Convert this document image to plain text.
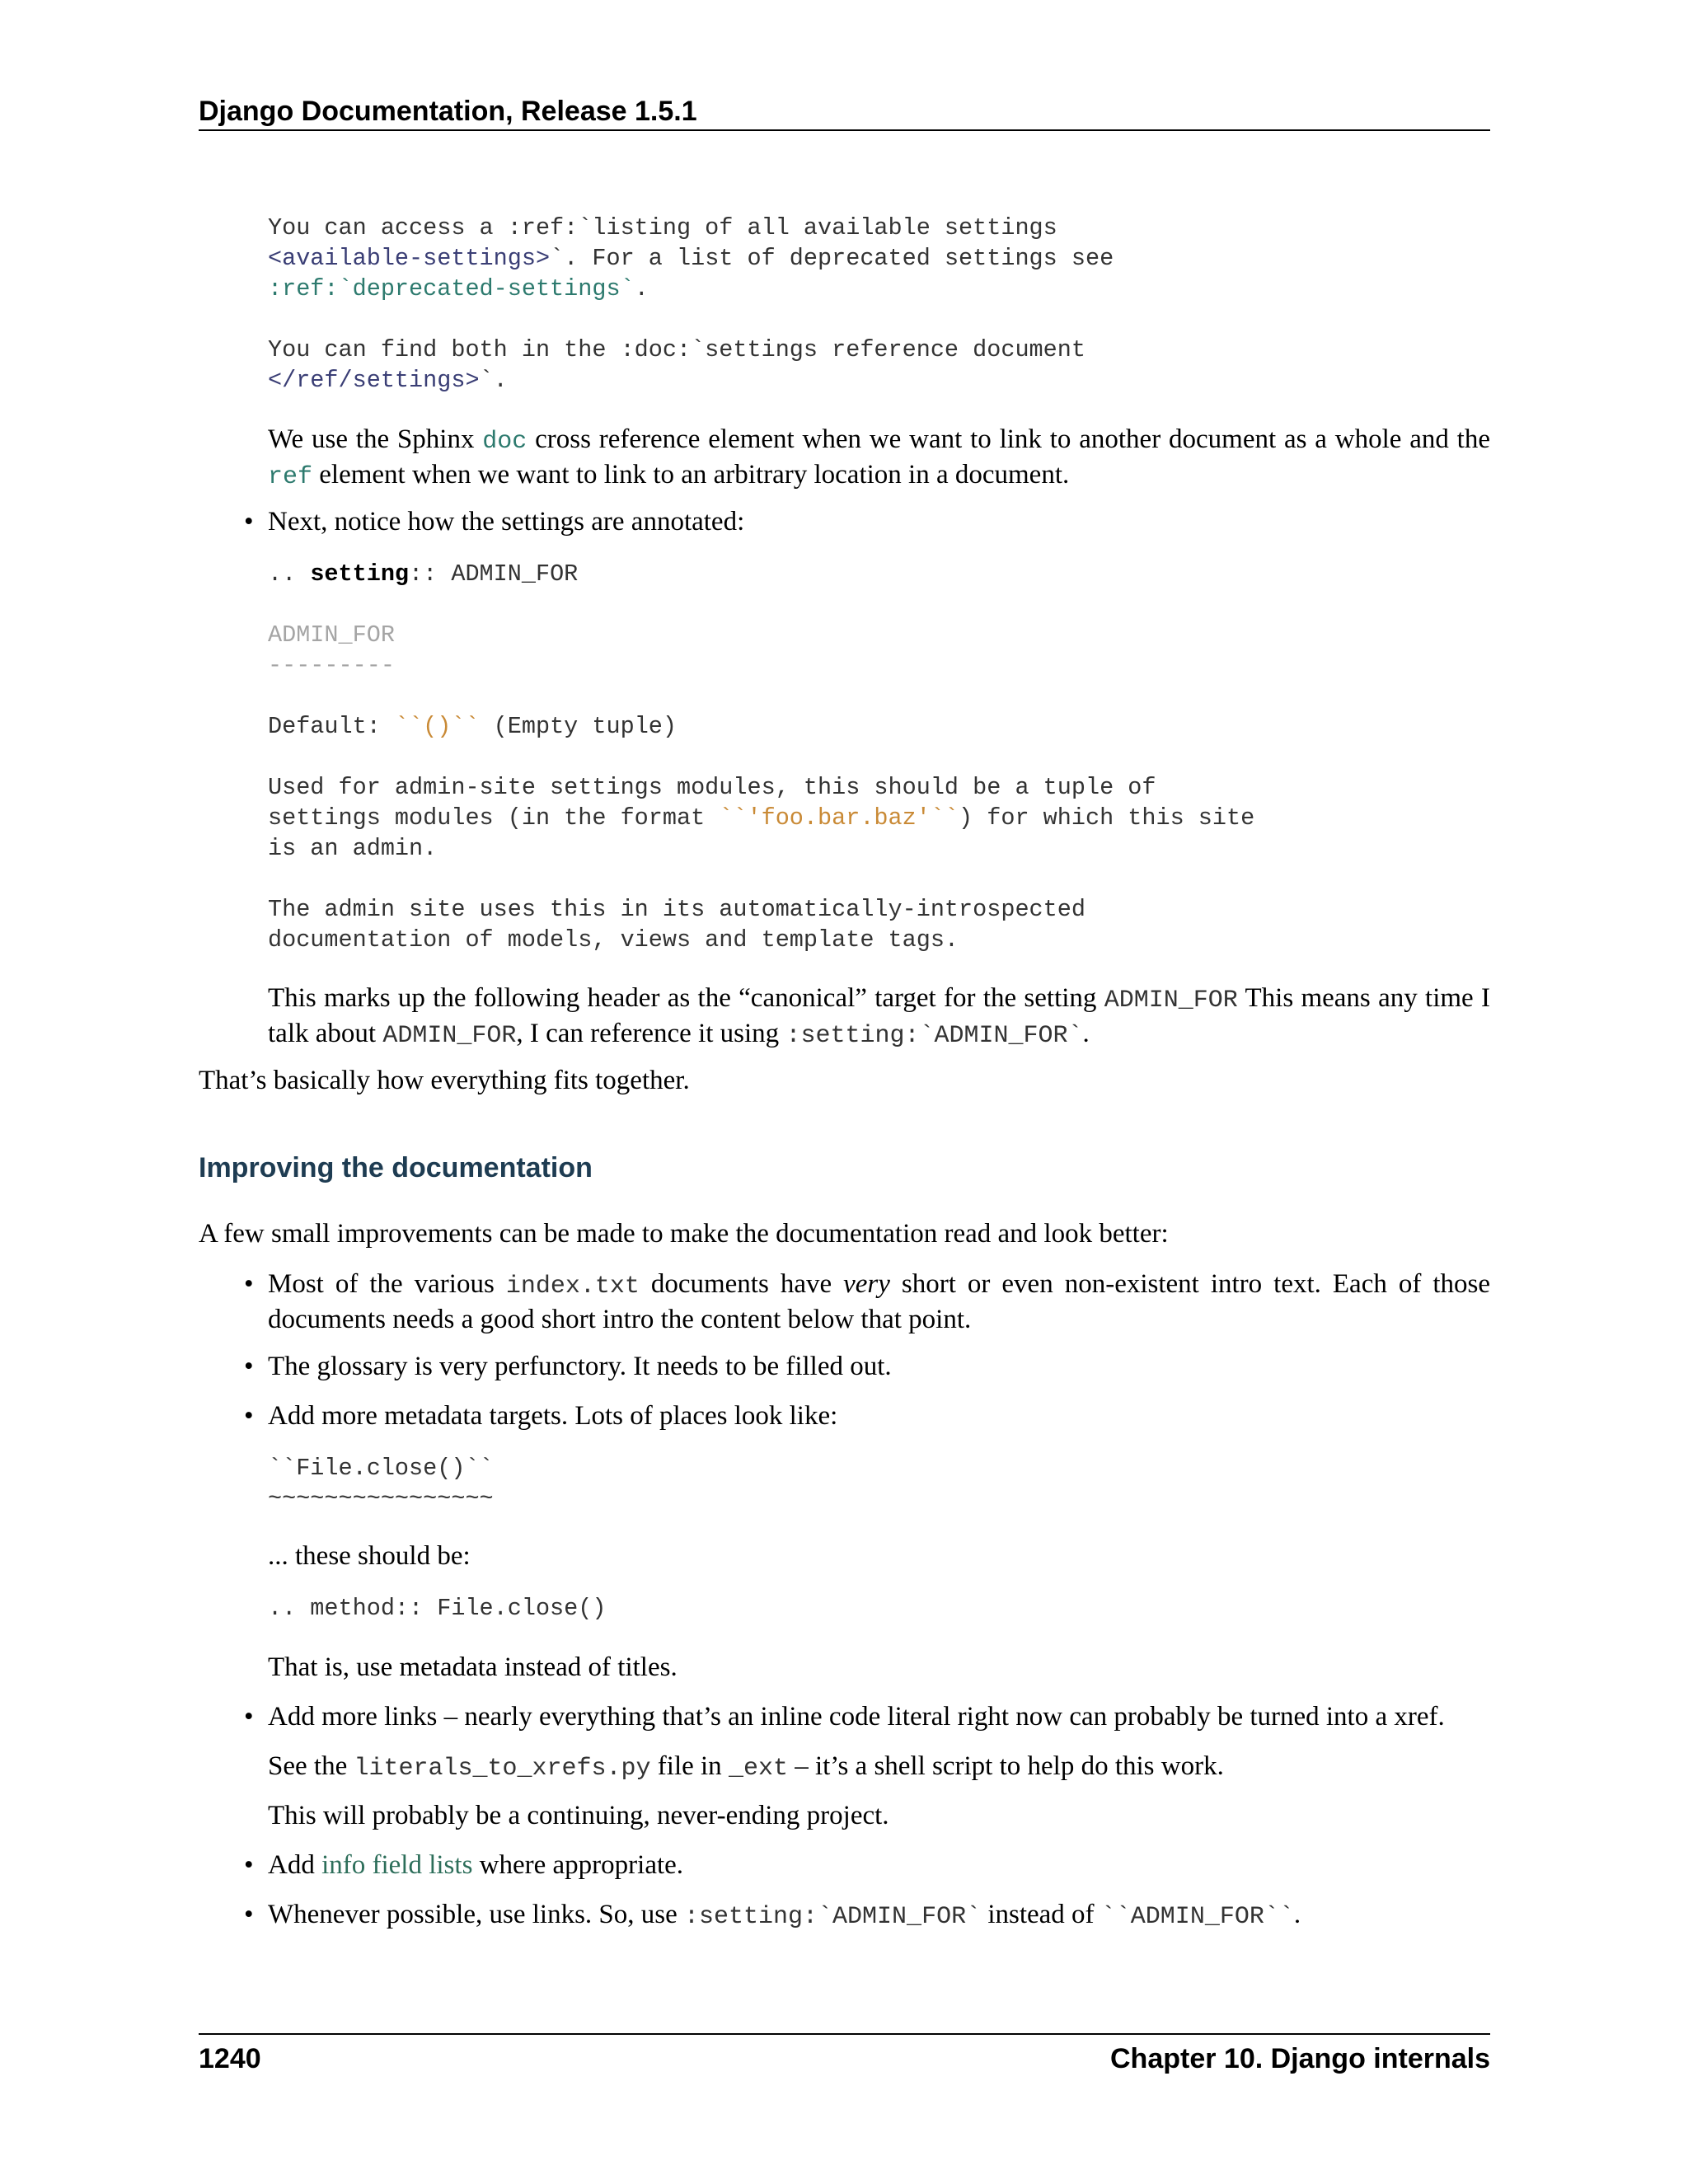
Django Documentation, Release 1.5.1
You can access a :ref:`listing of all available settings
<available-settings>`. For a list of deprecated settings see
:ref:`deprecated-settings`.

You can find both in the :doc:`settings reference document
</ref/settings>`.
We use the Sphinx doc cross reference element when we want to link to another document as a whole and the ref element when we want to link to an arbitrary location in a document.
• Next, notice how the settings are annotated:
.. setting:: ADMIN_FOR

ADMIN_FOR
---------

Default: ``()`` (Empty tuple)

Used for admin-site settings modules, this should be a tuple of
settings modules (in the format ``'foo.bar.baz'``) for which this site
is an admin.

The admin site uses this in its automatically-introspected
documentation of models, views and template tags.
This marks up the following header as the “canonical” target for the setting ADMIN_FOR This means any time I talk about ADMIN_FOR, I can reference it using :setting:`ADMIN_FOR`.
That’s basically how everything fits together.
Improving the documentation
A few small improvements can be made to make the documentation read and look better:
• Most of the various index.txt documents have very short or even non-existent intro text. Each of those documents needs a good short intro the content below that point.
• The glossary is very perfunctory. It needs to be filled out.
• Add more metadata targets. Lots of places look like:
``File.close()``
~~~~~~~~~~~~~~~~
... these should be:
.. method:: File.close()
That is, use metadata instead of titles.
• Add more links – nearly everything that’s an inline code literal right now can probably be turned into a xref.
See the literals_to_xrefs.py file in _ext – it’s a shell script to help do this work.
This will probably be a continuing, never-ending project.
• Add info field lists where appropriate.
• Whenever possible, use links. So, use :setting:`ADMIN_FOR` instead of ``ADMIN_FOR``.
1240	Chapter 10. Django internals
